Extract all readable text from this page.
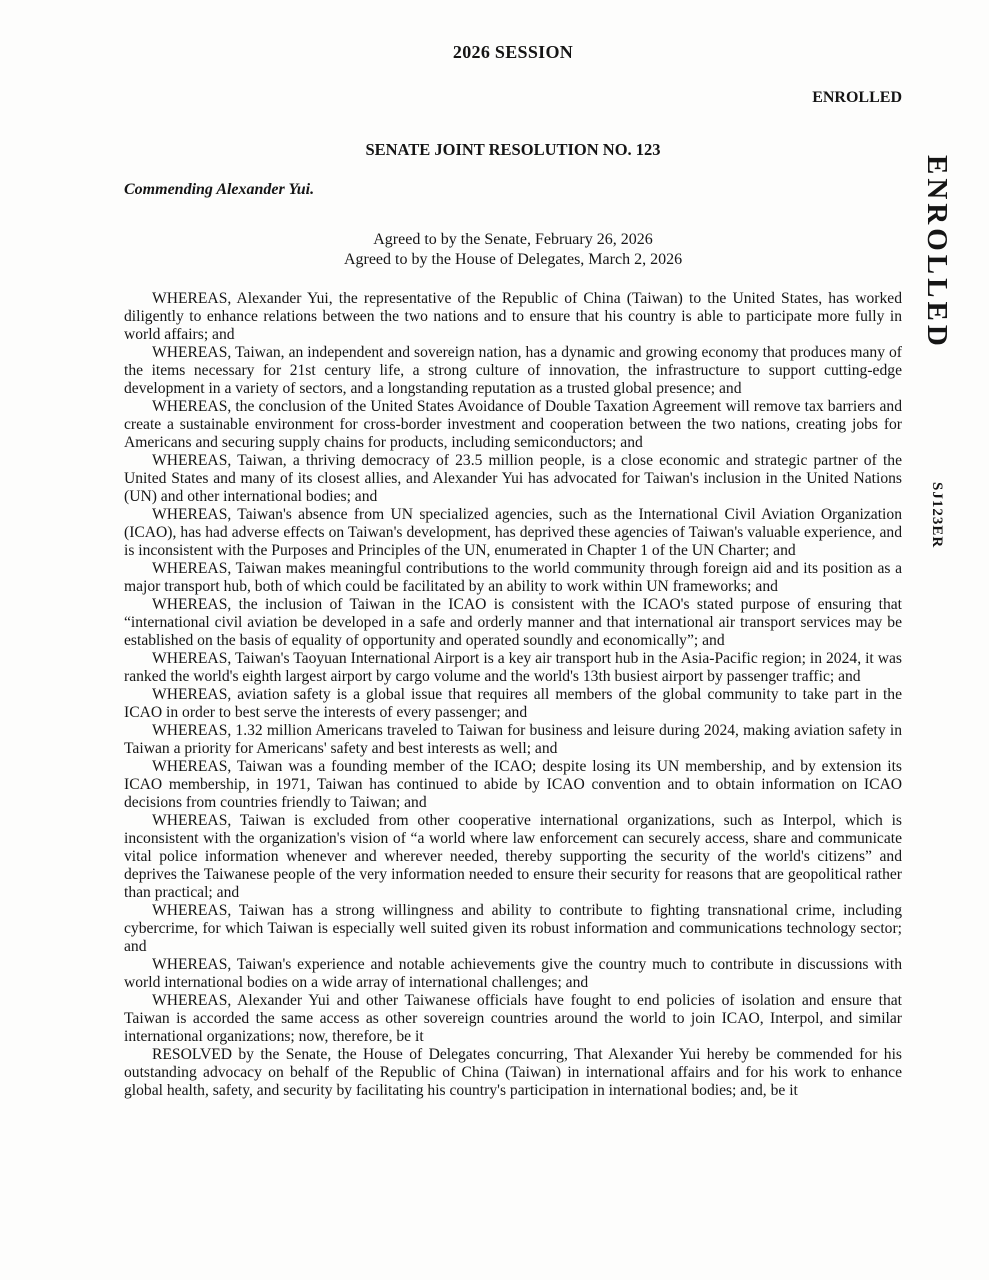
2026 SESSION
ENROLLED
SENATE JOINT RESOLUTION NO. 123
Commending Alexander Yui.
Agreed to by the Senate, February 26, 2026
Agreed to by the House of Delegates, March 2, 2026

WHEREAS, Alexander Yui, the representative of the Republic of China (Taiwan) to the United States, has worked diligently to enhance relations between the two nations and to ensure that his country is able to participate more fully in world affairs; and

WHEREAS, Taiwan, an independent and sovereign nation, has a dynamic and growing economy that produces many of the items necessary for 21st century life, a strong culture of innovation, the infrastructure to support cutting-edge development in a variety of sectors, and a longstanding reputation as a trusted global presence; and

WHEREAS, the conclusion of the United States Avoidance of Double Taxation Agreement will remove tax barriers and create a sustainable environment for cross-border investment and cooperation between the two nations, creating jobs for Americans and securing supply chains for products, including semiconductors; and

WHEREAS, Taiwan, a thriving democracy of 23.5 million people, is a close economic and strategic partner of the United States and many of its closest allies, and Alexander Yui has advocated for Taiwan's inclusion in the United Nations (UN) and other international bodies; and

WHEREAS, Taiwan's absence from UN specialized agencies, such as the International Civil Aviation Organization (ICAO), has had adverse effects on Taiwan's development, has deprived these agencies of Taiwan's valuable experience, and is inconsistent with the Purposes and Principles of the UN, enumerated in Chapter 1 of the UN Charter; and

WHEREAS, Taiwan makes meaningful contributions to the world community through foreign aid and its position as a major transport hub, both of which could be facilitated by an ability to work within UN frameworks; and

WHEREAS, the inclusion of Taiwan in the ICAO is consistent with the ICAO's stated purpose of ensuring that “international civil aviation be developed in a safe and orderly manner and that international air transport services may be established on the basis of equality of opportunity and operated soundly and economically”; and

WHEREAS, Taiwan's Taoyuan International Airport is a key air transport hub in the Asia-Pacific region; in 2024, it was ranked the world's eighth largest airport by cargo volume and the world's 13th busiest airport by passenger traffic; and

WHEREAS, aviation safety is a global issue that requires all members of the global community to take part in the ICAO in order to best serve the interests of every passenger; and

WHEREAS, 1.32 million Americans traveled to Taiwan for business and leisure during 2024, making aviation safety in Taiwan a priority for Americans' safety and best interests as well; and

WHEREAS, Taiwan was a founding member of the ICAO; despite losing its UN membership, and by extension its ICAO membership, in 1971, Taiwan has continued to abide by ICAO convention and to obtain information on ICAO decisions from countries friendly to Taiwan; and

WHEREAS, Taiwan is excluded from other cooperative international organizations, such as Interpol, which is inconsistent with the organization's vision of “a world where law enforcement can securely access, share and communicate vital police information whenever and wherever needed, thereby supporting the security of the world's citizens” and deprives the Taiwanese people of the very information needed to ensure their security for reasons that are geopolitical rather than practical; and

WHEREAS, Taiwan has a strong willingness and ability to contribute to fighting transnational crime, including cybercrime, for which Taiwan is especially well suited given its robust information and communications technology sector; and

WHEREAS, Taiwan's experience and notable achievements give the country much to contribute in discussions with world international bodies on a wide array of international challenges; and

WHEREAS, Alexander Yui and other Taiwanese officials have fought to end policies of isolation and ensure that Taiwan is accorded the same access as other sovereign countries around the world to join ICAO, Interpol, and similar international organizations; now, therefore, be it

RESOLVED by the Senate, the House of Delegates concurring, That Alexander Yui hereby be commended for his outstanding advocacy on behalf of the Republic of China (Taiwan) in international affairs and for his work to enhance global health, safety, and security by facilitating his country's participation in international bodies; and, be it

ENROLLED
SJ123ER
